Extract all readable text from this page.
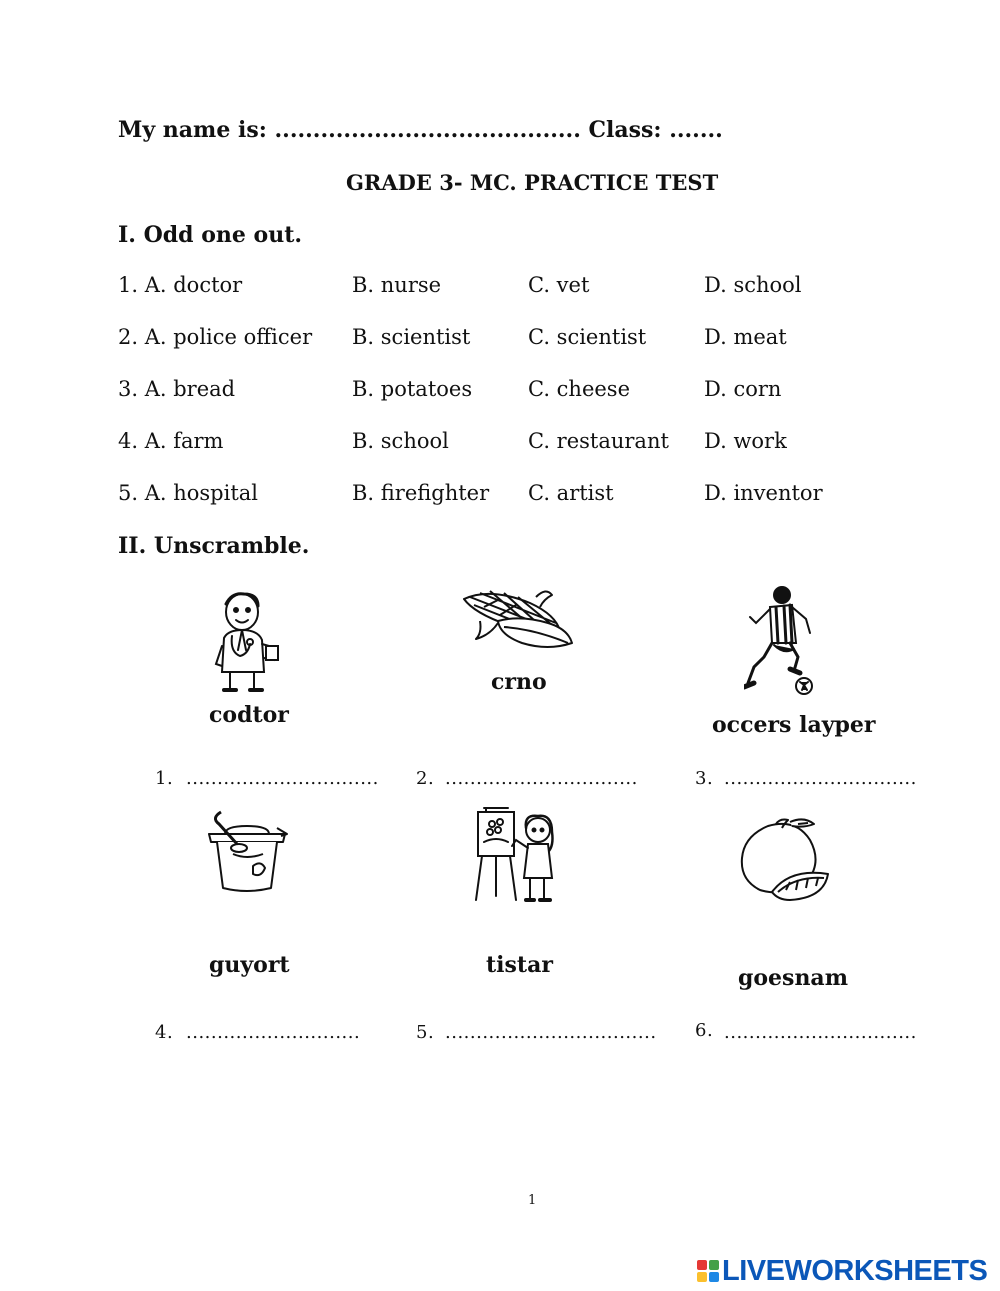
My name is: ........................................ Class: .......
GRADE 3- MC. PRACTICE TEST
I. Odd one out.
1. A. doctor	B. nurse	C. vet	D. school
2. A. police officer B. scientist	C. scientist	D. meat
3. A. bread	B. potatoes	C. cheese	D. corn
4. A. farm	B. school	C. restaurant D. work
5. A. hospital	B. firefighter C. artist	D. inventor
II. Unscramble.
codtor
crno
occers layper
1. ............................... 2. ...............................	3. ...............................
guyort	tistar	goesnam
4. ............................	5. .................................. 6. ...............................
1
LIVEWORKSHEETS
